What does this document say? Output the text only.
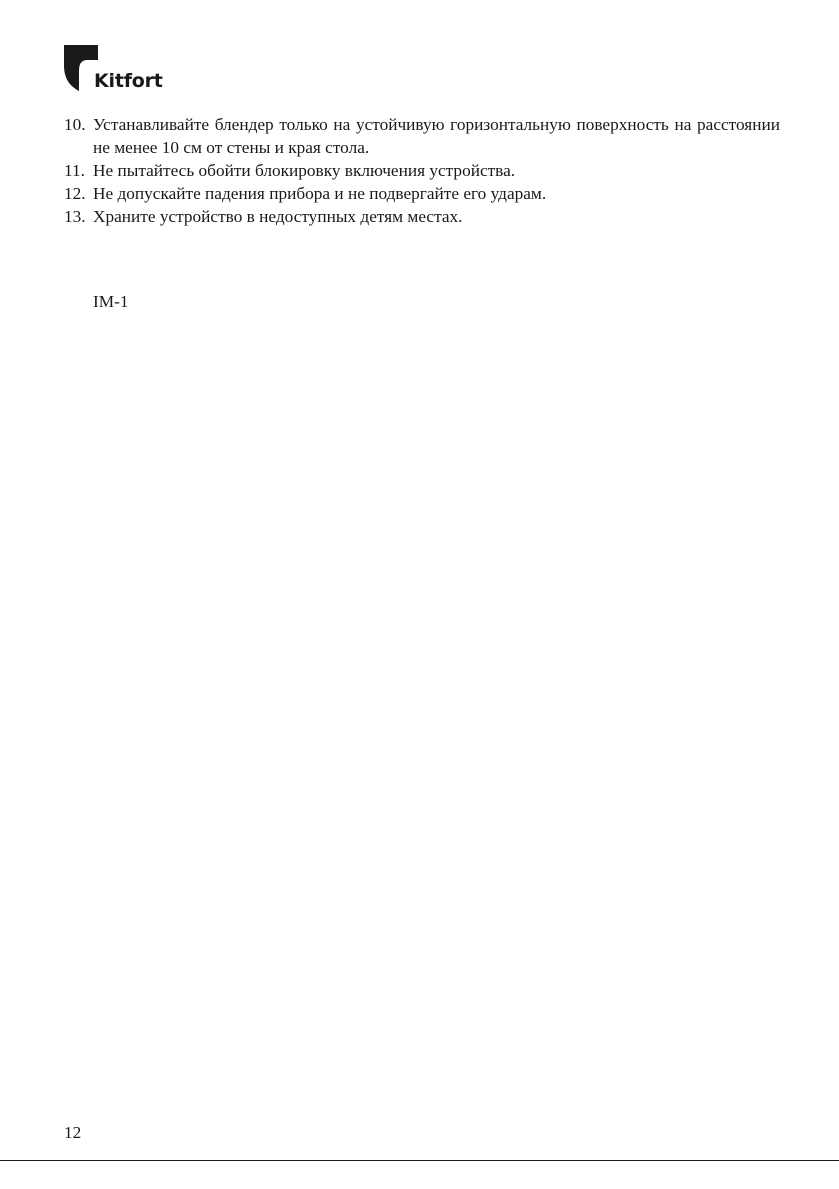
Kitfort
10. Устанавливайте блендер только на устойчивую горизонтальную поверхность на расстоянии не менее 10 см от стены и края стола.
11. Не пытайтесь обойти блокировку включения устройства.
12. Не допускайте падения прибора и не подвергайте его ударам.
13. Храните устройство в недоступных детям местах.
IM-1
12
